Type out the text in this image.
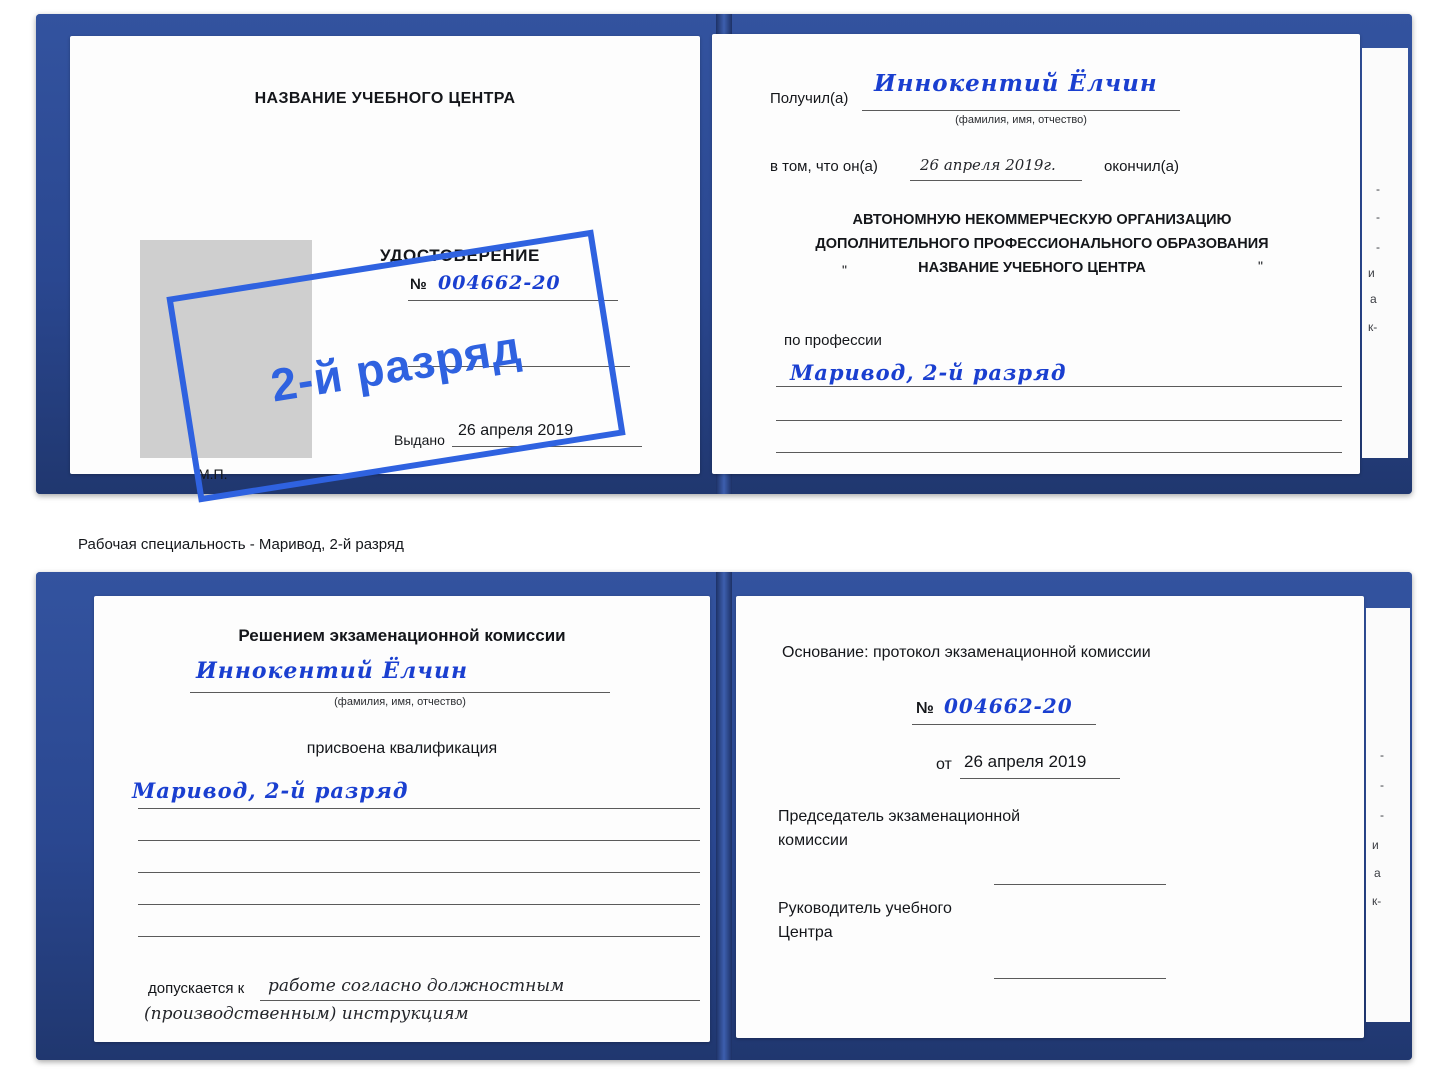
НАЗВАНИЕ УЧЕБНОГО ЦЕНТРА
УДОСТОВЕРЕНИЕ
№ 004662-20
Выдано
26 апреля 2019
М.П.
Получил(а)
Иннокентий Ёлчин
(фамилия, имя, отчество)
в том, что он(а)	26 апреля 2019г.	окончил(а)
АВТОНОМНУЮ НЕКОММЕРЧЕСКУЮ ОРГАНИЗАЦИЮ
ДОПОЛНИТЕЛЬНОГО ПРОФЕССИОНАЛЬНОГО ОБРАЗОВАНИЯ
"	НАЗВАНИЕ УЧЕБНОГО ЦЕНТРА	"
по профессии
Маривод, 2-й разряд
-
-
-
и
а
к-
2-й разряд
Рабочая специальность - Маривод, 2-й разряд
Решением экзаменационной комиссии
Иннокентий Ёлчин
(фамилия, имя, отчество)
присвоена квалификация
Маривод, 2-й разряд
допускается к работе согласно должностным
(производственным) инструкциям
Основание: протокол экзаменационной комиссии
№ 004662-20
от 26 апреля 2019
Председатель экзаменационной
комиссии
Руководитель учебного
Центра
-
-
-
и
а
к-
